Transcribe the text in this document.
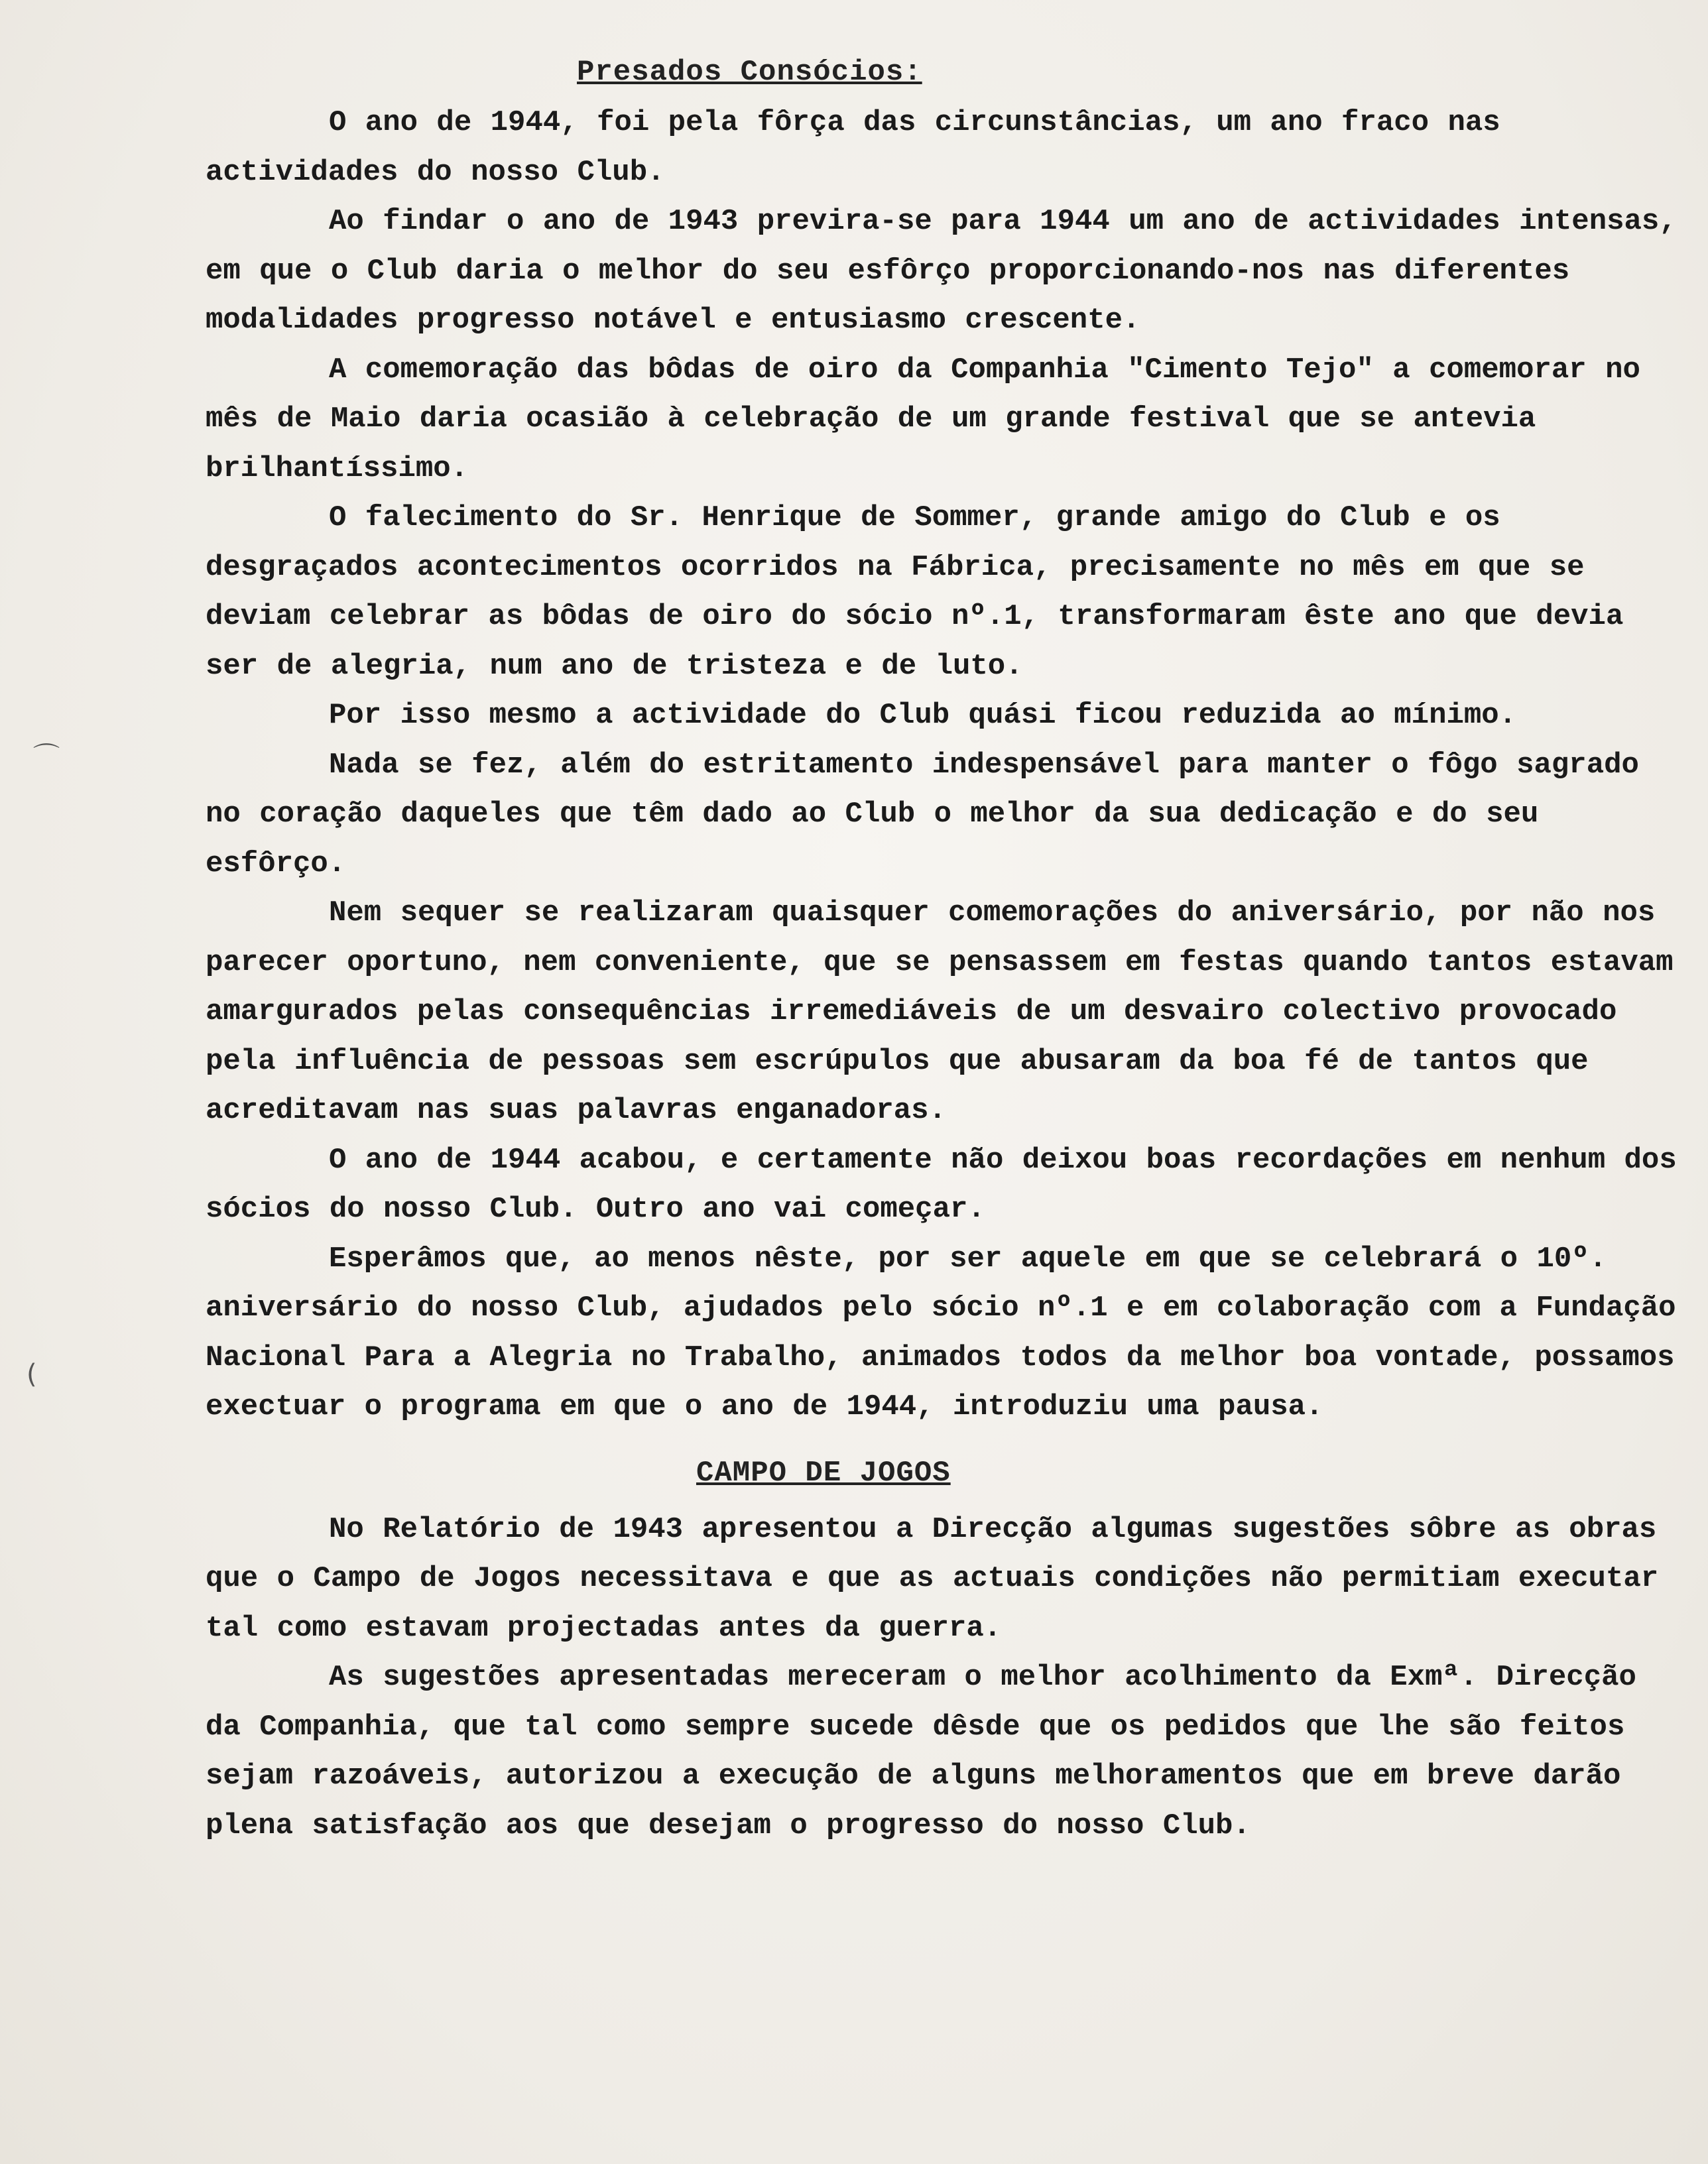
Presados Consócios:

O ano de 1944, foi pela fôrça das circunstâncias, um ano fraco nas actividades do nosso Club.

Ao findar o ano de 1943 previra-se para 1944 um ano de actividades intensas, em que o Club daria o melhor do seu esfôrço proporcionando-nos nas diferentes modalidades progresso notável e entusiasmo crescente.

A comemoração das bôdas de oiro da Companhia "Cimento Tejo" a comemorar no mês de Maio daria ocasião à celebração de um grande festival que se antevia brilhantíssimo.

O falecimento do Sr. Henrique de Sommer, grande amigo do Club e os desgraçados acontecimentos ocorridos na Fábrica, precisamente no mês em que se deviam celebrar as bôdas de oiro do sócio nº.1, transformaram êste ano que devia ser de alegria, num ano de tristeza e de luto.

Por isso mesmo a actividade do Club quási ficou reduzida ao mínimo.

Nada se fez, além do estritamento indespensável para manter o fôgo sagrado no coração daqueles que têm dado ao Club o melhor da sua dedicação e do seu esfôrço.

Nem sequer se realizaram quaisquer comemorações do aniversário, por não nos parecer oportuno, nem conveniente, que se pensassem em festas quando tantos estavam amargurados pelas consequências irremediáveis de um desvairo colectivo provocado pela influência de pessoas sem escrúpulos que abusaram da boa fé de tantos que acreditavam nas suas palavras enganadoras.

O ano de 1944 acabou, e certamente não deixou boas recordações em nenhum dos sócios do nosso Club. Outro ano vai começar.

Esperâmos que, ao menos nêste, por ser aquele em que se celebrará o 10º. aniversário do nosso Club, ajudados pelo sócio nº.1 e em colaboração com a Fundação Nacional Para a Alegria no Trabalho, animados todos da melhor boa vontade, possamos exectuar o programa em que o ano de 1944, introduziu uma pausa.

CAMPO DE JOGOS

No Relatório de 1943 apresentou a Direcção algumas sugestões sôbre as obras que o Campo de Jogos necessitava e que as actuais condições não permitiam executar tal como estavam projectadas antes da guerra.

As sugestões apresentadas mereceram o melhor acolhimento da Exmª. Direcção da Companhia, que tal como sempre sucede dêsde que os pedidos que lhe são feitos sejam razoáveis, autorizou a execução de alguns melhoramentos que em breve darão plena satisfação aos que desejam o progresso do nosso Club.

⌒
(
